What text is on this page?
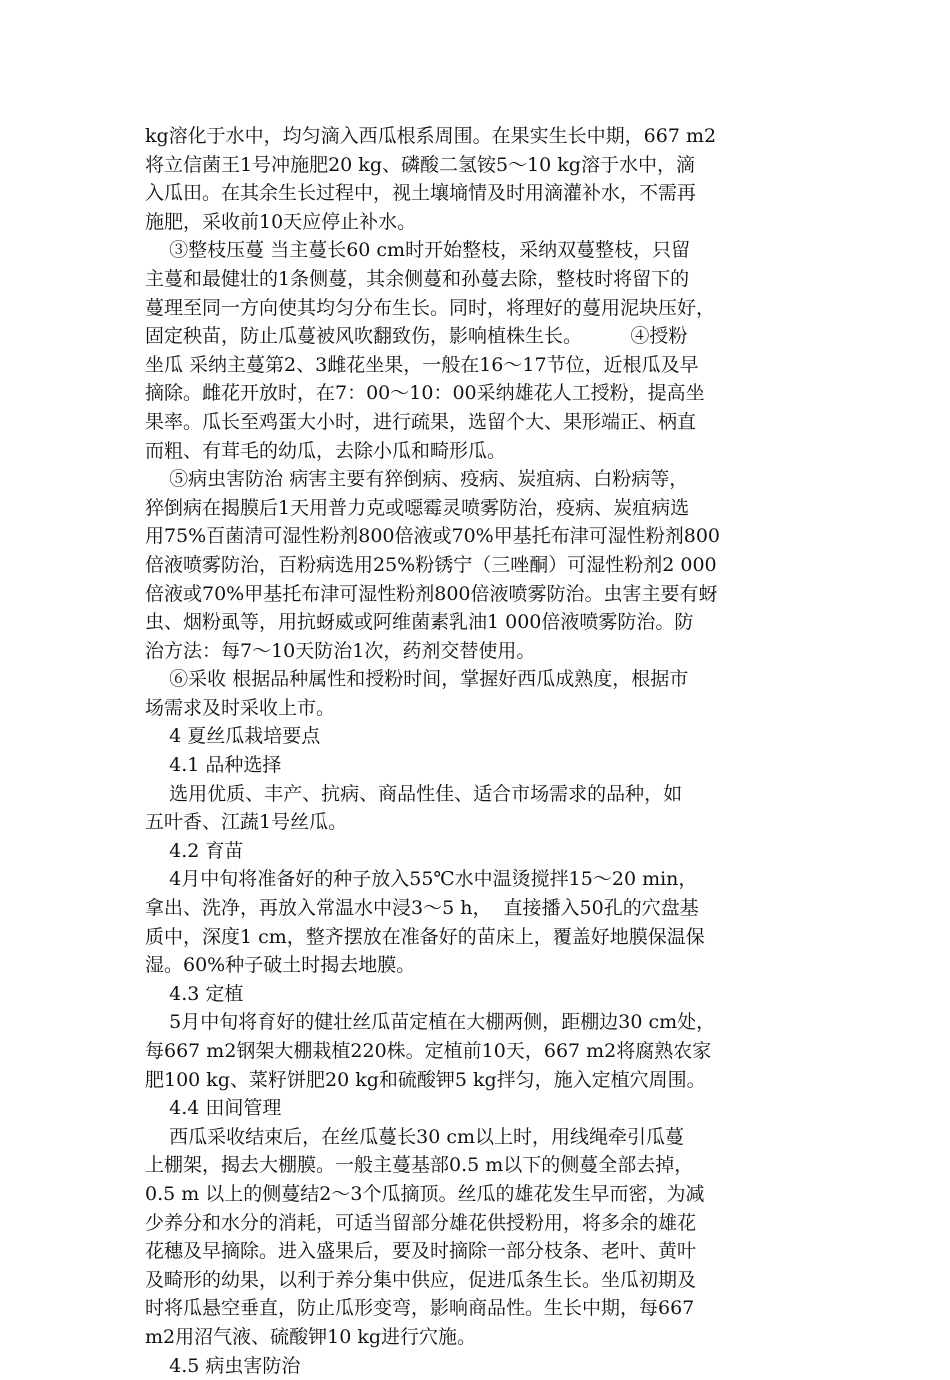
kg溶化于水中，均匀滴入西瓜根系周围。在果实生长中期，667 m2
将立信菌王1号冲施肥20 kg、磷酸二氢铵5～10 kg溶于水中，滴
入瓜田。在其余生长过程中，视土壤墒情及时用滴灌补水，不需再
施肥，采收前10天应停止补水。
③整枝压蔓 当主蔓长60 cm时开始整枝，采纳双蔓整枝，只留
主蔓和最健壮的1条侧蔓，其余侧蔓和孙蔓去除，整枝时将留下的
蔓理至同一方向使其均匀分布生长。同时，将理好的蔓用泥块压好，
固定秧苗，防止瓜蔓被风吹翻致伤，影响植株生长。        ④授粉
坐瓜 采纳主蔓第2、3雌花坐果，一般在16～17节位，近根瓜及早
摘除。雌花开放时，在7：00～10：00采纳雄花人工授粉，提高坐
果率。瓜长至鸡蛋大小时，进行疏果，选留个大、果形端正、柄直
而粗、有茸毛的幼瓜，去除小瓜和畸形瓜。
⑤病虫害防治 病害主要有猝倒病、疫病、炭疽病、白粉病等，
猝倒病在揭膜后1天用普力克或噁霉灵喷雾防治，疫病、炭疽病选
用75%百菌清可湿性粉剂800倍液或70%甲基托布津可湿性粉剂800
倍液喷雾防治，百粉病选用25%粉锈宁（三唑酮）可湿性粉剂2 000
倍液或70%甲基托布津可湿性粉剂800倍液喷雾防治。虫害主要有蚜
虫、烟粉虱等，用抗蚜威或阿维菌素乳油1 000倍液喷雾防治。防
治方法：每7～10天防治1次，药剂交替使用。
⑥采收 根据品种属性和授粉时间，掌握好西瓜成熟度，根据市
场需求及时采收上市。
4 夏丝瓜栽培要点
4.1 品种选择
选用优质、丰产、抗病、商品性佳、适合市场需求的品种，如
五叶香、江蔬1号丝瓜。
4.2 育苗
4月中旬将准备好的种子放入55℃水中温烫搅拌15～20 min，
拿出、洗净，再放入常温水中浸3～5 h，  直接播入50孔的穴盘基
质中，深度1 cm，整齐摆放在准备好的苗床上，覆盖好地膜保温保
湿。60%种子破土时揭去地膜。
4.3 定植
5月中旬将育好的健壮丝瓜苗定植在大棚两侧，距棚边30 cm处，
每667 m2钢架大棚栽植220株。定植前10天，667 m2将腐熟农家
肥100 kg、菜籽饼肥20 kg和硫酸钾5 kg拌匀，施入定植穴周围。
4.4 田间管理
西瓜采收结束后，在丝瓜蔓长30 cm以上时，用线绳牵引瓜蔓
上棚架，揭去大棚膜。一般主蔓基部0.5 m以下的侧蔓全部去掉，
0.5 m 以上的侧蔓结2～3个瓜摘顶。丝瓜的雄花发生早而密，为减
少养分和水分的消耗，可适当留部分雄花供授粉用，将多余的雄花
花穗及早摘除。进入盛果后，要及时摘除一部分枝条、老叶、黄叶
及畸形的幼果，以利于养分集中供应，促进瓜条生长。坐瓜初期及
时将瓜悬空垂直，防止瓜形变弯，影响商品性。生长中期，每667
m2用沼气液、硫酸钾10 kg进行穴施。
4.5 病虫害防治
